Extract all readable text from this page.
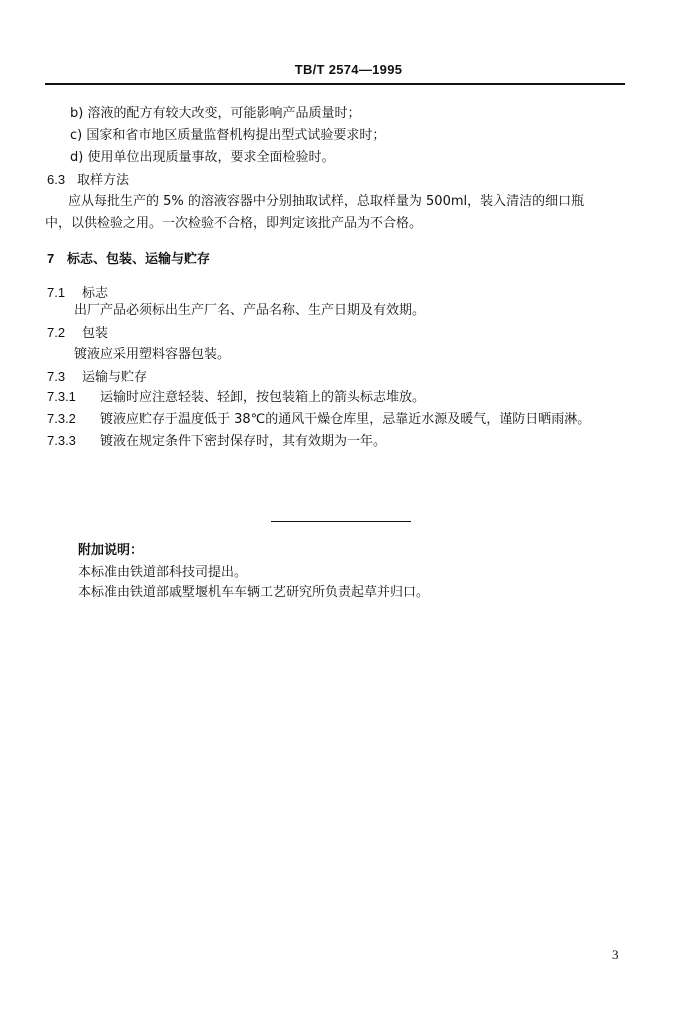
TB/T 2574—1995
b) 溶液的配方有较大改变，可能影响产品质量时；
c) 国家和省市地区质量监督机构提出型式试验要求时；
d) 使用单位出现质量事故，要求全面检验时。
6.3 取样方法
应从每批生产的 5% 的溶液容器中分别抽取试样，总取样量为 500ml，装入清洁的细口瓶
中，以供检验之用。一次检验不合格，即判定该批产品为不合格。
7 标志、包装、运输与贮存
7.1 标志
出厂产品必须标出生产厂名、产品名称、生产日期及有效期。
7.2 包装
镀液应采用塑料容器包装。
7.3 运输与贮存
7.3.1 运输时应注意轻装、轻卸，按包装箱上的箭头标志堆放。
7.3.2 镀液应贮存于温度低于 38℃的通风干燥仓库里，忌靠近水源及暖气，谨防日晒雨淋。
7.3.3 镀液在规定条件下密封保存时，其有效期为一年。
附加说明：
本标准由铁道部科技司提出。
本标准由铁道部戚墅堰机车车辆工艺研究所负责起草并归口。
3
